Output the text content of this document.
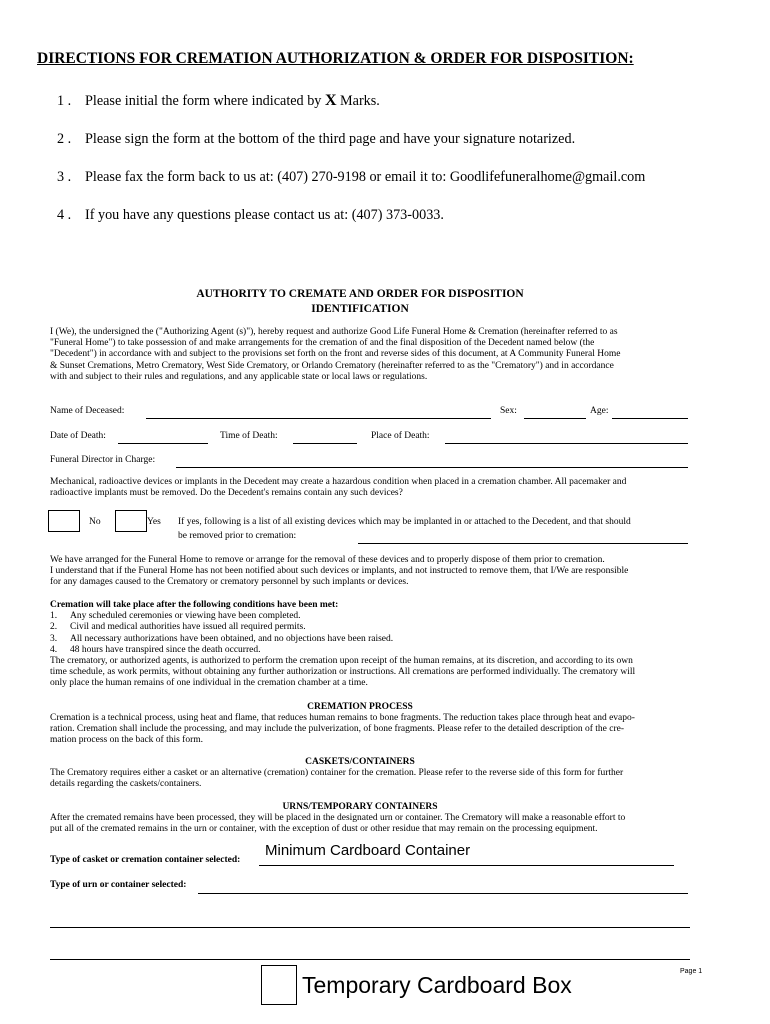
DIRECTIONS FOR CREMATION AUTHORIZATION & ORDER FOR DISPOSITION:
1 . Please initial the form where indicated by X Marks.
2 . Please sign the form at the bottom of the third page and have your signature notarized.
3 . Please fax the form back to us at: (407) 270-9198 or email it to: Goodlifefuneralhome@gmail.com
4 . If you have any questions please contact us at: (407) 373-0033.
AUTHORITY TO CREMATE AND ORDER FOR DISPOSITION
IDENTIFICATION
I (We), the undersigned the ("Authorizing Agent (s)"), hereby request and authorize Good Life Funeral Home & Cremation (hereinafter referred to as
"Funeral Home") to take possession of and make arrangements for the cremation of and the final disposition of the Decedent named below (the
"Decedent") in accordance with and subject to the provisions set forth on the front and reverse sides of this document, at A Community Funeral Home
& Sunset Cremations, Metro Crematory, West Side Crematory, or Orlando Crematory (hereinafter referred to as the "Crematory") and in accordance
with and subject to their rules and regulations, and any applicable state or local laws or regulations.
Name of Deceased:	Sex:	Age:
Date of Death:	Time of Death:	Place of Death:
Funeral Director in Charge:
Mechanical, radioactive devices or implants in the Decedent may create a hazardous condition when placed in a cremation chamber. All pacemaker and
radioactive implants must be removed. Do the Decedent's remains contain any such devices?
No	Yes If yes, following is a list of all existing devices which may be implanted in or attached to the Decedent, and that should
be removed prior to cremation:
We have arranged for the Funeral Home to remove or arrange for the removal of these devices and to properly dispose of them prior to cremation.
I understand that if the Funeral Home has not been notified about such devices or implants, and not instructed to remove them, that I/We are responsible
for any damages caused to the Crematory or crematory personnel by such implants or devices.
Cremation will take place after the following conditions have been met:
1. Any scheduled ceremonies or viewing have been completed.
2. Civil and medical authorities have issued all required permits.
3. All necessary authorizations have been obtained, and no objections have been raised.
4. 48 hours have transpired since the death occurred.
The crematory, or authorized agents, is authorized to perform the cremation upon receipt of the human remains, at its discretion, and according to its own
time schedule, as work permits, without obtaining any further authorization or instructions. All cremations are performed individually. The crematory will
only place the human remains of one individual in the cremation chamber at a time.
CREMATION PROCESS
Cremation is a technical process, using heat and flame, that reduces human remains to bone fragments. The reduction takes place through heat and evapo-
ration. Cremation shall include the processing, and may include the pulverization, of bone fragments. Please refer to the detailed description of the cre-
mation process on the back of this form.
CASKETS/CONTAINERS
The Crematory requires either a casket or an alternative (cremation) container for the cremation. Please refer to the reverse side of this form for further
details regarding the caskets/containers.
URNS/TEMPORARY CONTAINERS
After the cremated remains have been processed, they will be placed in the designated urn or container. The Crematory will make a reasonable effort to
put all of the cremated remains in the urn or container, with the exception of dust or other residue that may remain on the processing equipment.
Type of casket or cremation container selected:
Minimum Cardboard Container
Type of urn or container selected:
Temporary Cardboard Box
Page 1
